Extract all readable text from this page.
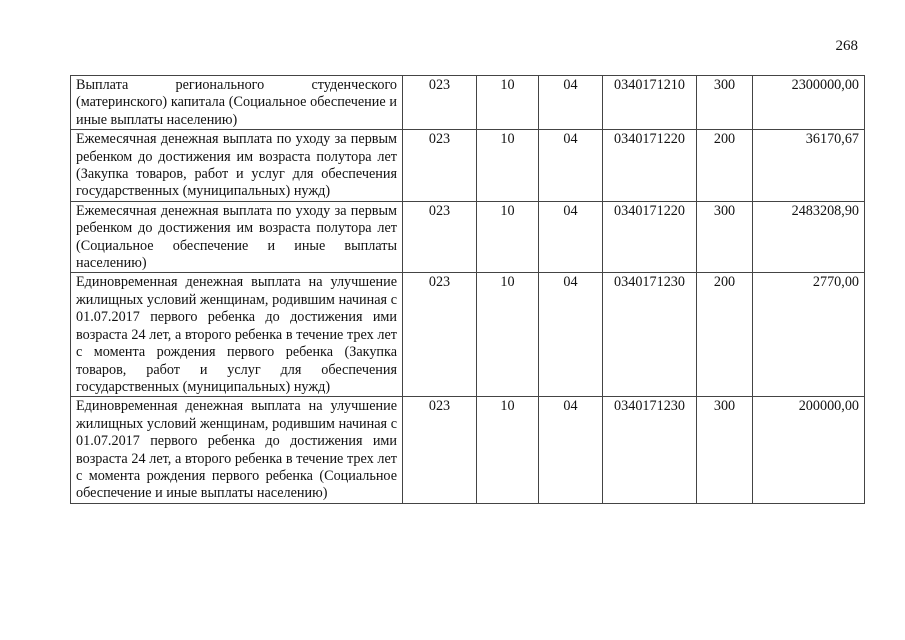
268
Выплата регионального студенческого (материнского) капитала (Социальное обеспечение и иные выплаты населению)	023	10	04	0340171210	300	2300000,00
Ежемесячная денежная выплата по уходу за первым ребенком до достижения им возраста полутора лет (Закупка товаров, работ и услуг для обеспечения государственных (муниципальных) нужд)	023	10	04	0340171220	200	36170,67
Ежемесячная денежная выплата по уходу за первым ребенком до достижения им возраста полутора лет (Социальное обеспечение и иные выплаты населению)	023	10	04	0340171220	300	2483208,90
Единовременная денежная выплата на улучшение жилищных условий женщинам, родившим начиная с 01.07.2017 первого ребенка до достижения ими возраста 24 лет, а второго ребенка в течение трех лет с момента рождения первого ребенка (Закупка товаров, работ и услуг для обеспечения государственных (муниципальных) нужд)	023	10	04	0340171230	200	2770,00
Единовременная денежная выплата на улучшение жилищных условий женщинам, родившим начиная с 01.07.2017 первого ребенка до достижения ими возраста 24 лет, а второго ребенка в течение трех лет с момента рождения первого ребенка (Социальное обеспечение и иные выплаты населению)	023	10	04	0340171230	300	200000,00
